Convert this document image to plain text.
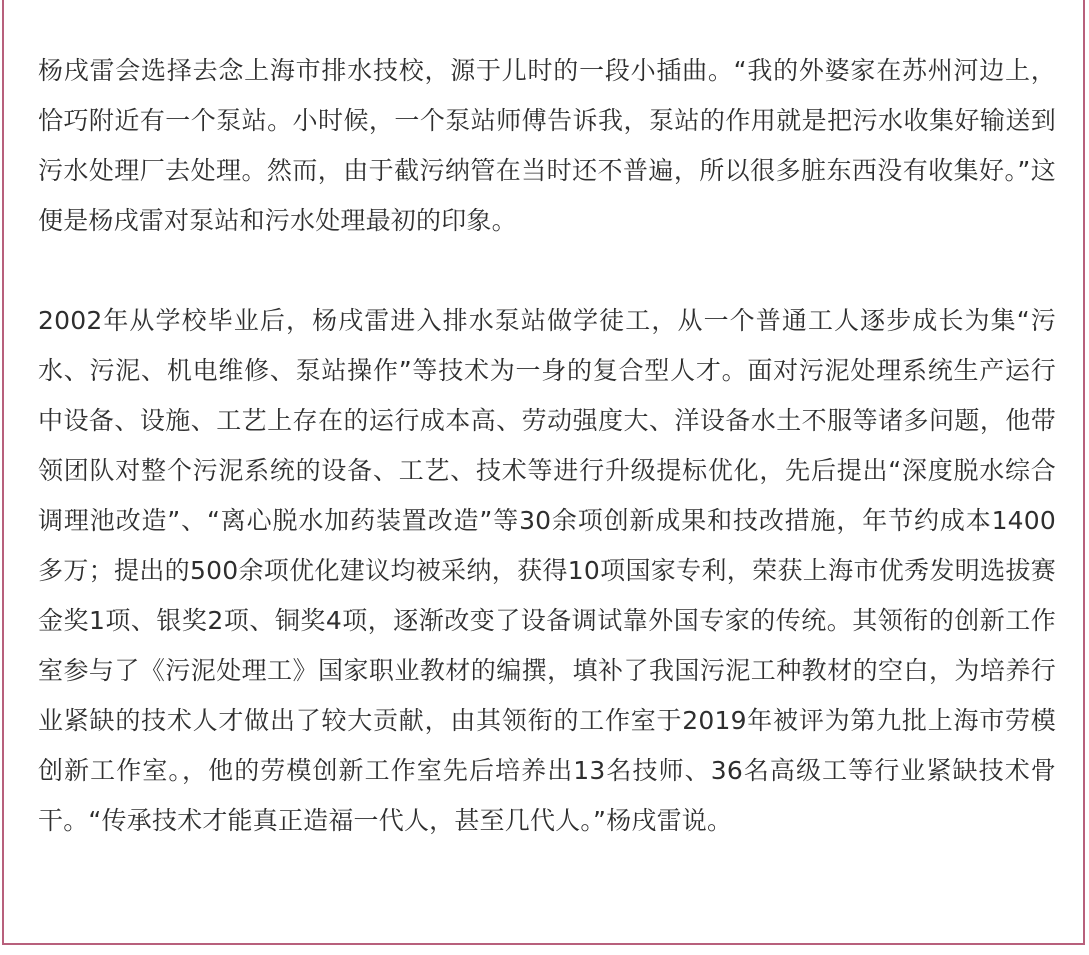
杨戌雷会选择去念上海市排水技校，源于儿时的一段小插曲。“我的外婆家在苏州河边上，恰巧附近有一个泵站。小时候，一个泵站师傅告诉我，泵站的作用就是把污水收集好输送到污水处理厂去处理。然而，由于截污纳管在当时还不普遍，所以很多脏东西没有收集好。”这便是杨戌雷对泵站和污水处理最初的印象。

2002年从学校毕业后，杨戌雷进入排水泵站做学徒工，从一个普通工人逐步成长为集“污水、污泥、机电维修、泵站操作”等技术为一身的复合型人才。面对污泥处理系统生产运行中设备、设施、工艺上存在的运行成本高、劳动强度大、洋设备水土不服等诸多问题，他带领团队对整个污泥系统的设备、工艺、技术等进行升级提标优化，先后提出“深度脱水综合调理池改造”、“离心脱水加药装置改造”等30余项创新成果和技改措施，年节约成本1400多万；提出的500余项优化建议均被采纳，获得10项国家专利，荣获上海市优秀发明选拔赛金奖1项、银奖2项、铜奖4项，逐渐改变了设备调试靠外国专家的传统。其领衔的创新工作室参与了《污泥处理工》国家职业教材的编撰，填补了我国污泥工种教材的空白，为培养行业紧缺的技术人才做出了较大贡献，由其领衔的工作室于2019年被评为第九批上海市劳模创新工作室。，他的劳模创新工作室先后培养出13名技师、36名高级工等行业紧缺技术骨干。“传承技术才能真正造福一代人，甚至几代人。”杨戌雷说。
